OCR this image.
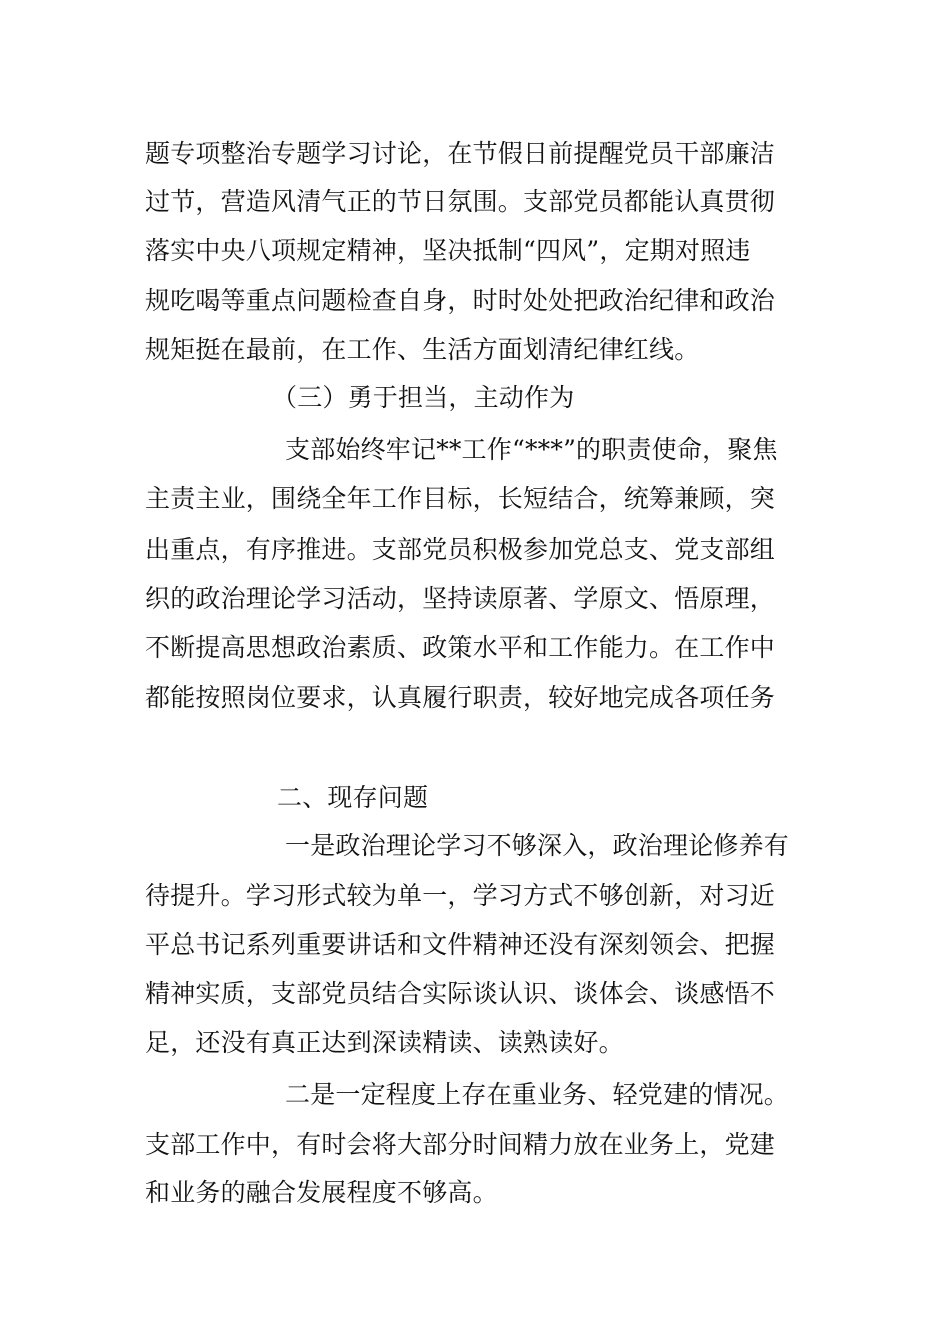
题专项整治专题学习讨论，在节假日前提醒党员干部廉洁
过节，营造风清气正的节日氛围。支部党员都能认真贯彻
落实中央八项规定精神，坚决抵制“四风”，定期对照违
规吃喝等重点问题检查自身，时时处处把政治纪律和政治
规矩挺在最前，在工作、生活方面划清纪律红线。
（三）勇于担当，主动作为
支部始终牢记**工作“***”的职责使命，聚焦
主责主业，围绕全年工作目标，长短结合，统筹兼顾，突
出重点，有序推进。支部党员积极参加党总支、党支部组
织的政治理论学习活动，坚持读原著、学原文、悟原理，
不断提高思想政治素质、政策水平和工作能力。在工作中
都能按照岗位要求，认真履行职责，较好地完成各项任务
二、现存问题
一是政治理论学习不够深入，政治理论修养有
待提升。学习形式较为单一，学习方式不够创新，对习近
平总书记系列重要讲话和文件精神还没有深刻领会、把握
精神实质，支部党员结合实际谈认识、谈体会、谈感悟不
足，还没有真正达到深读精读、读熟读好。
二是一定程度上存在重业务、轻党建的情况。
支部工作中，有时会将大部分时间精力放在业务上，党建
和业务的融合发展程度不够高。
